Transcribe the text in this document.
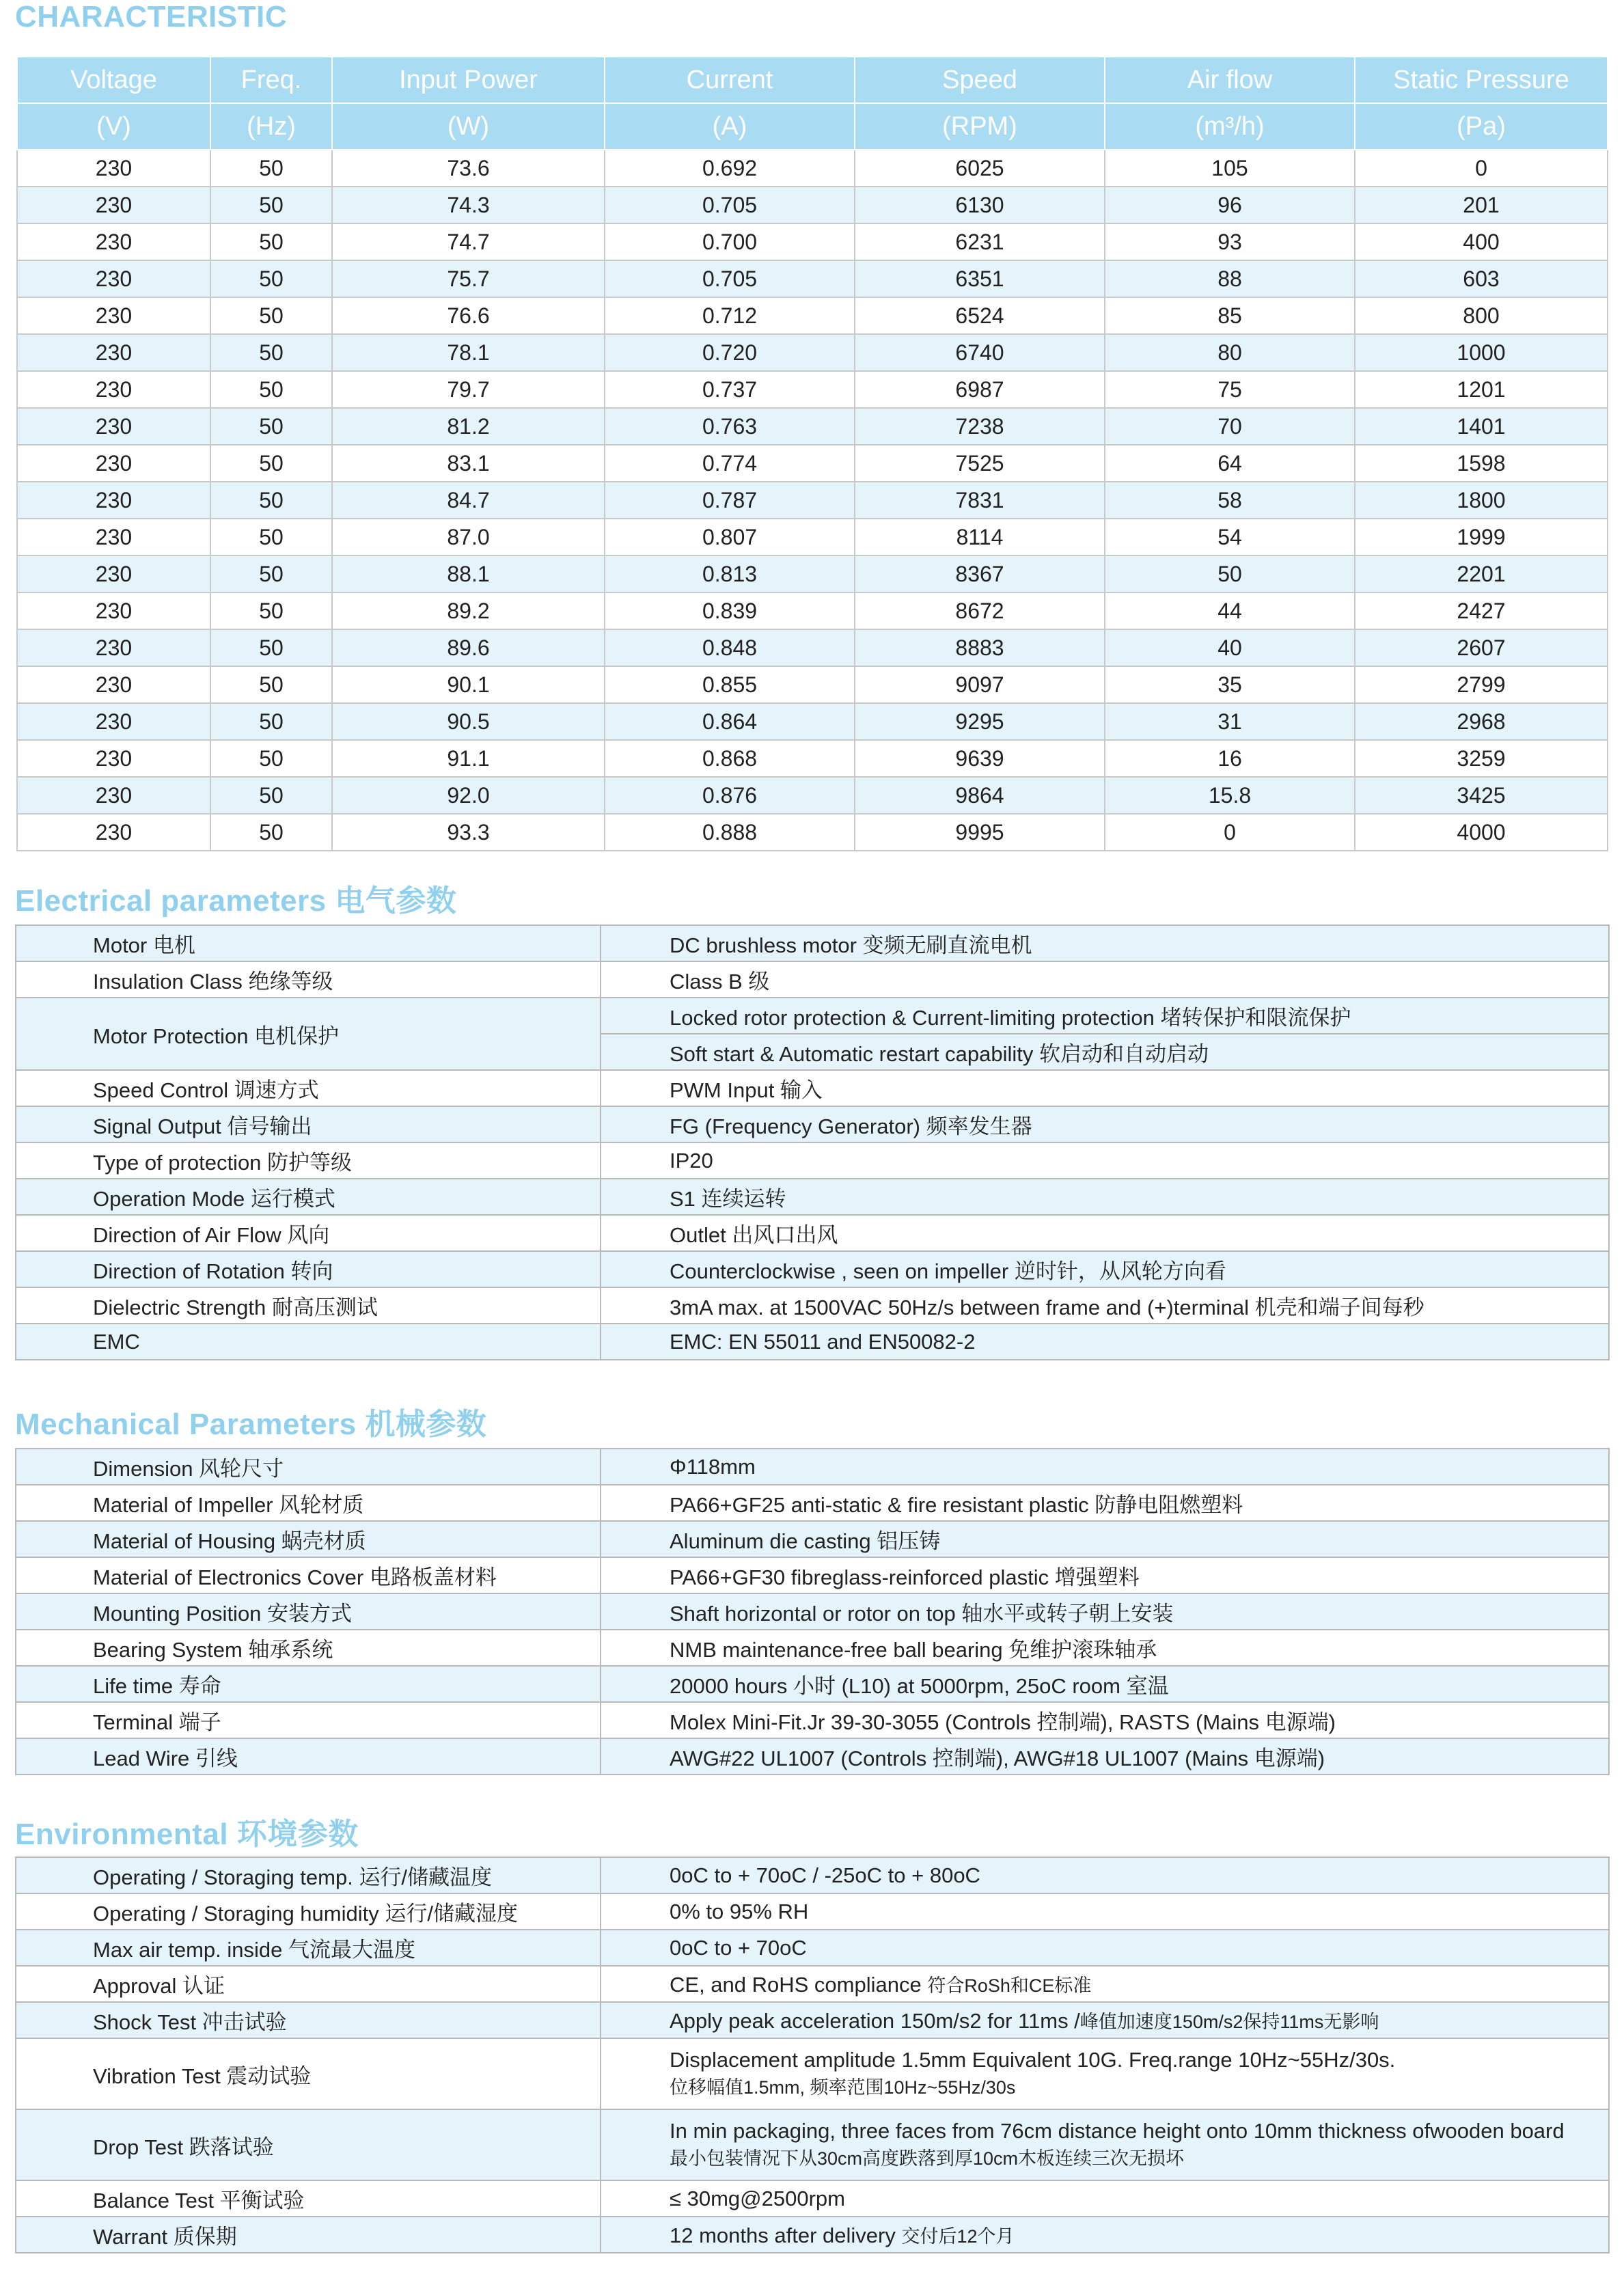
CHARACTERISTIC
Voltage	Freq.	Input Power	Current	Speed	Air flow	Static Pressure
(V)	(Hz)	(W)	(A)	(RPM)	(m³/h)	(Pa)
230	50	73.6	0.692	6025	105	0
230	50	74.3	0.705	6130	96	201
230	50	74.7	0.700	6231	93	400
230	50	75.7	0.705	6351	88	603
230	50	76.6	0.712	6524	85	800
230	50	78.1	0.720	6740	80	1000
230	50	79.7	0.737	6987	75	1201
230	50	81.2	0.763	7238	70	1401
230	50	83.1	0.774	7525	64	1598
230	50	84.7	0.787	7831	58	1800
230	50	87.0	0.807	8114	54	1999
230	50	88.1	0.813	8367	50	2201
230	50	89.2	0.839	8672	44	2427
230	50	89.6	0.848	8883	40	2607
230	50	90.1	0.855	9097	35	2799
230	50	90.5	0.864	9295	31	2968
230	50	91.1	0.868	9639	16	3259
230	50	92.0	0.876	9864	15.8	3425
230	50	93.3	0.888	9995	0	4000
Electrical parameters 电气参数
Motor 电机	DC brushless motor 变频无刷直流电机
Insulation Class 绝缘等级	Class B 级
Motor Protection 电机保护	Locked rotor protection & Current-limiting protection 堵转保护和限流保护
	Soft start & Automatic restart capability 软启动和自动启动
Speed Control 调速方式	PWM Input 输入
Signal Output 信号输出	FG (Frequency Generator) 频率发生器
Type of protection 防护等级	IP20
Operation Mode 运行模式	S1 连续运转
Direction of Air Flow 风向	Outlet 出风口出风
Direction of Rotation 转向	Counterclockwise , seen on impeller 逆时针，从风轮方向看
Dielectric Strength 耐高压测试	3mA max. at 1500VAC 50Hz/s between frame and (+)terminal 机壳和端子间每秒
EMC	EMC: EN 55011 and EN50082-2
Mechanical Parameters 机械参数
Dimension 风轮尺寸	Φ118mm
Material of Impeller 风轮材质	PA66+GF25 anti-static & fire resistant plastic 防静电阻燃塑料
Material of Housing 蜗壳材质	Aluminum die casting 铝压铸
Material of Electronics Cover 电路板盖材料	PA66+GF30 fibreglass-reinforced plastic 增强塑料
Mounting Position 安装方式	Shaft horizontal or rotor on top 轴水平或转子朝上安装
Bearing System 轴承系统	NMB maintenance-free ball bearing 免维护滚珠轴承
Life time 寿命	20000 hours 小时 (L10) at 5000rpm, 25oC room 室温
Terminal 端子	Molex Mini-Fit.Jr 39-30-3055 (Controls 控制端), RASTS (Mains 电源端)
Lead Wire 引线	AWG#22 UL1007 (Controls 控制端), AWG#18 UL1007 (Mains 电源端)
Environmental 环境参数
Operating / Storaging temp. 运行/储藏温度	0oC to + 70oC / -25oC to + 80oC
Operating / Storaging humidity 运行/储藏湿度	0% to 95% RH
Max air temp. inside 气流最大温度	0oC to + 70oC
Approval 认证	CE, and RoHS compliance 符合RoSh和CE标准
Shock Test 冲击试验	Apply peak acceleration 150m/s2 for 11ms /峰值加速度150m/s2保持11ms无影响
Vibration Test 震动试验	Displacement amplitude 1.5mm Equivalent 10G. Freq.range 10Hz~55Hz/30s.
位移幅值1.5mm, 频率范围10Hz~55Hz/30s

Drop Test 跌落试验	In min packaging, three faces from 76cm distance height onto 10mm thickness ofwooden board
最小包装情况下从30cm高度跌落到厚10cm木板连续三次无损坏

Balance Test 平衡试验	≤ 30mg@2500rpm
Warrant 质保期	12 months after delivery 交付后12个月
